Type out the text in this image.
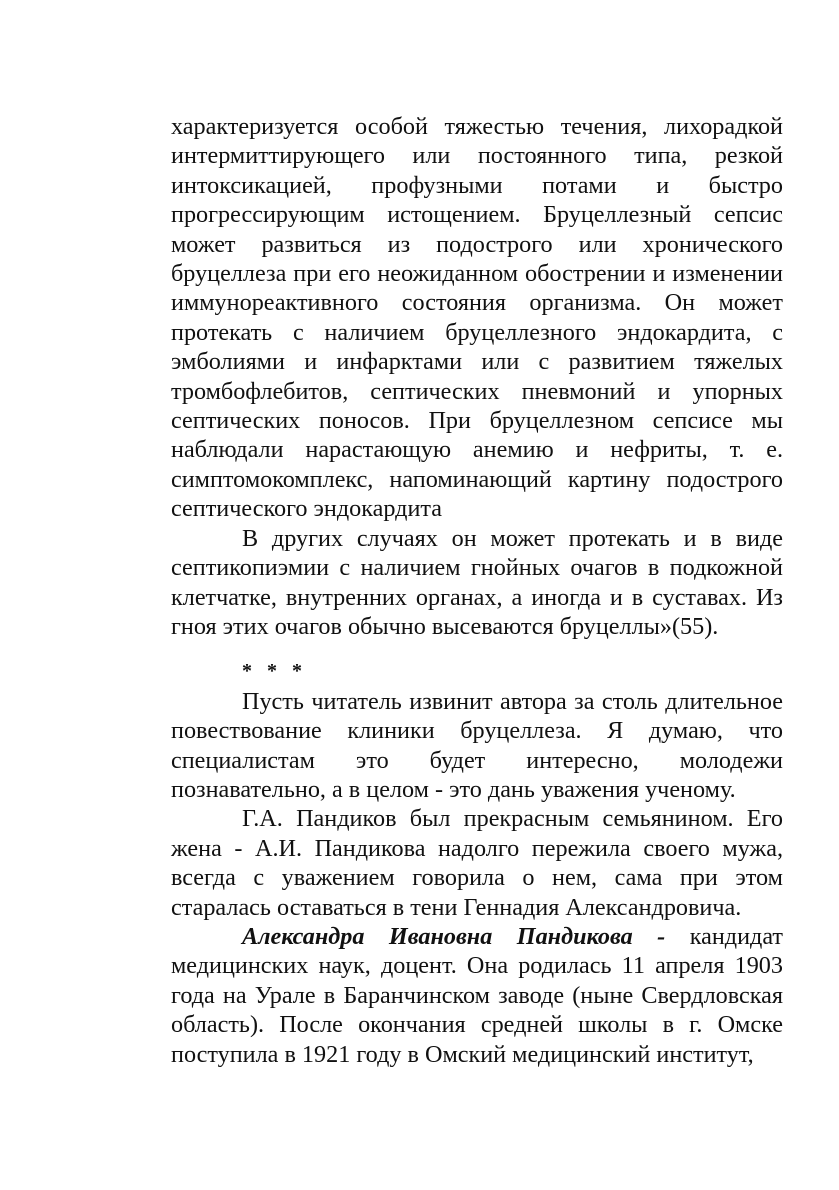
характеризуется особой тяжестью течения, лихорадкой интермиттирующего или постоянного типа, резкой интоксикацией, профузными потами и быстро прогрессирующим истощением. Бруцеллезный сепсис может развиться из подострого или хронического бруцеллеза при его неожиданном обострении и изменении иммунореактивного состояния организма. Он может протекать с наличием бруцеллезного эндокардита, с эмболиями и инфарктами или с развитием тяжелых тромбофлебитов, септических пневмоний и упорных септических поносов. При бруцеллезном сепсисе мы наблюдали нарастающую анемию и нефриты, т. е. симптомокомплекс, напоминающий картину подострого септического эндокардита

В других случаях он может протекать и в виде септикопиэмии с наличием гнойных очагов в подкожной клетчатке, внутренних органах, а иногда и в суставах. Из гноя этих очагов обычно высеваются бруцеллы»(55).

* * *

Пусть читатель извинит автора за столь длительное повествование клиники бруцеллеза. Я думаю, что специалистам это будет интересно, молодежи познавательно, а в целом - это дань уважения ученому.

Г.А. Пандиков был прекрасным семьянином. Его жена - А.И. Пандикова надолго пережила своего мужа, всегда с уважением говорила о нем, сама при этом старалась оставаться в тени Геннадия Александровича.

Александра Ивановна Пандикова - кандидат медицинских наук, доцент. Она родилась 11 апреля 1903 года на Урале в Баранчинском заводе (ныне Свердловская область). После окончания средней школы в г. Омске поступила в 1921 году в Омский медицинский институт,
